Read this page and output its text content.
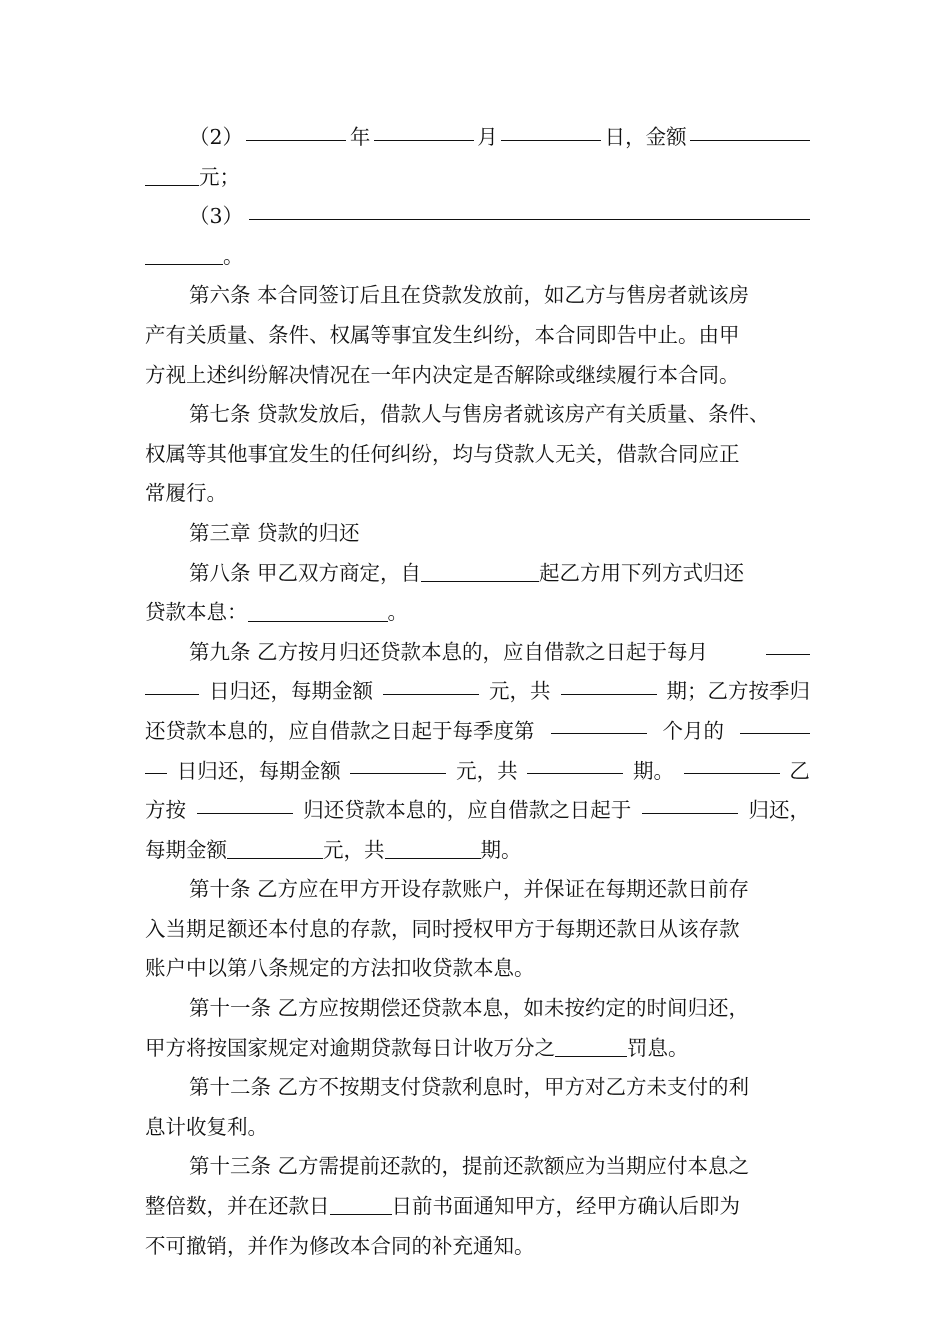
（2）	年	月	日，金额
元；
（3）
。
第六条 本合同签订后且在贷款发放前，如乙方与售房者就该房
产有关质量、条件、权属等事宜发生纠纷，本合同即告中止。由甲
方视上述纠纷解决情况在一年内决定是否解除或继续履行本合同。
第七条 贷款发放后，借款人与售房者就该房产有关质量、条件、
权属等其他事宜发生的任何纠纷，均与贷款人无关，借款合同应正
常履行。
第三章 贷款的归还
第八条 甲乙双方商定，自	起乙方用下列方式归还
贷款本息：	。
第九条 乙方按月归还贷款本息的，应自借款之日起于每月
日归还，每期金额	元，共	期；乙方按季归
还贷款本息的，应自借款之日起于每季度第	个月的
日归还，每期金额	元，共	期。	乙
方按	归还贷款本息的，应自借款之日起于	归还，
每期金额	元，共	期。
第十条 乙方应在甲方开设存款账户，并保证在每期还款日前存
入当期足额还本付息的存款，同时授权甲方于每期还款日从该存款
账户中以第八条规定的方法扣收贷款本息。
第十一条 乙方应按期偿还贷款本息，如未按约定的时间归还，
甲方将按国家规定对逾期贷款每日计收万分之	罚息。
第十二条 乙方不按期支付贷款利息时，甲方对乙方未支付的利
息计收复利。
第十三条 乙方需提前还款的，提前还款额应为当期应付本息之
整倍数，并在还款日	日前书面通知甲方，经甲方确认后即为
不可撤销，并作为修改本合同的补充通知。
